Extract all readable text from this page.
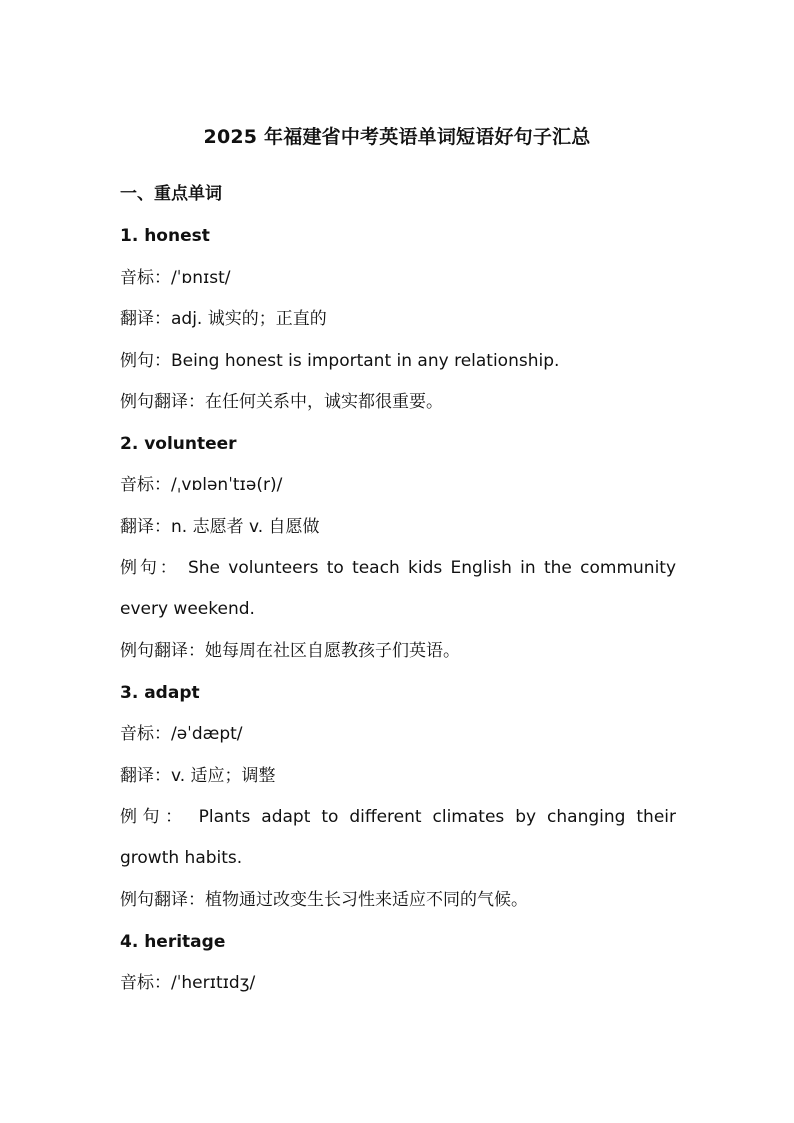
2025 年福建省中考英语单词短语好句子汇总
一、重点单词
1. honest
音标：/ˈɒnɪst/
翻译：adj. 诚实的；正直的
例句：Being honest is important in any relationship.
例句翻译：在任何关系中，诚实都很重要。
2. volunteer
音标：/ˌvɒlənˈtɪə(r)/
翻译：n. 志愿者 v. 自愿做
例句： She volunteers to teach kids English in the community every weekend.
例句翻译：她每周在社区自愿教孩子们英语。
3. adapt
音标：/əˈdæpt/
翻译：v. 适应；调整
例句： Plants adapt to different climates by changing their growth habits.
例句翻译：植物通过改变生长习性来适应不同的气候。
4. heritage
音标：/ˈherɪtɪdʒ/
